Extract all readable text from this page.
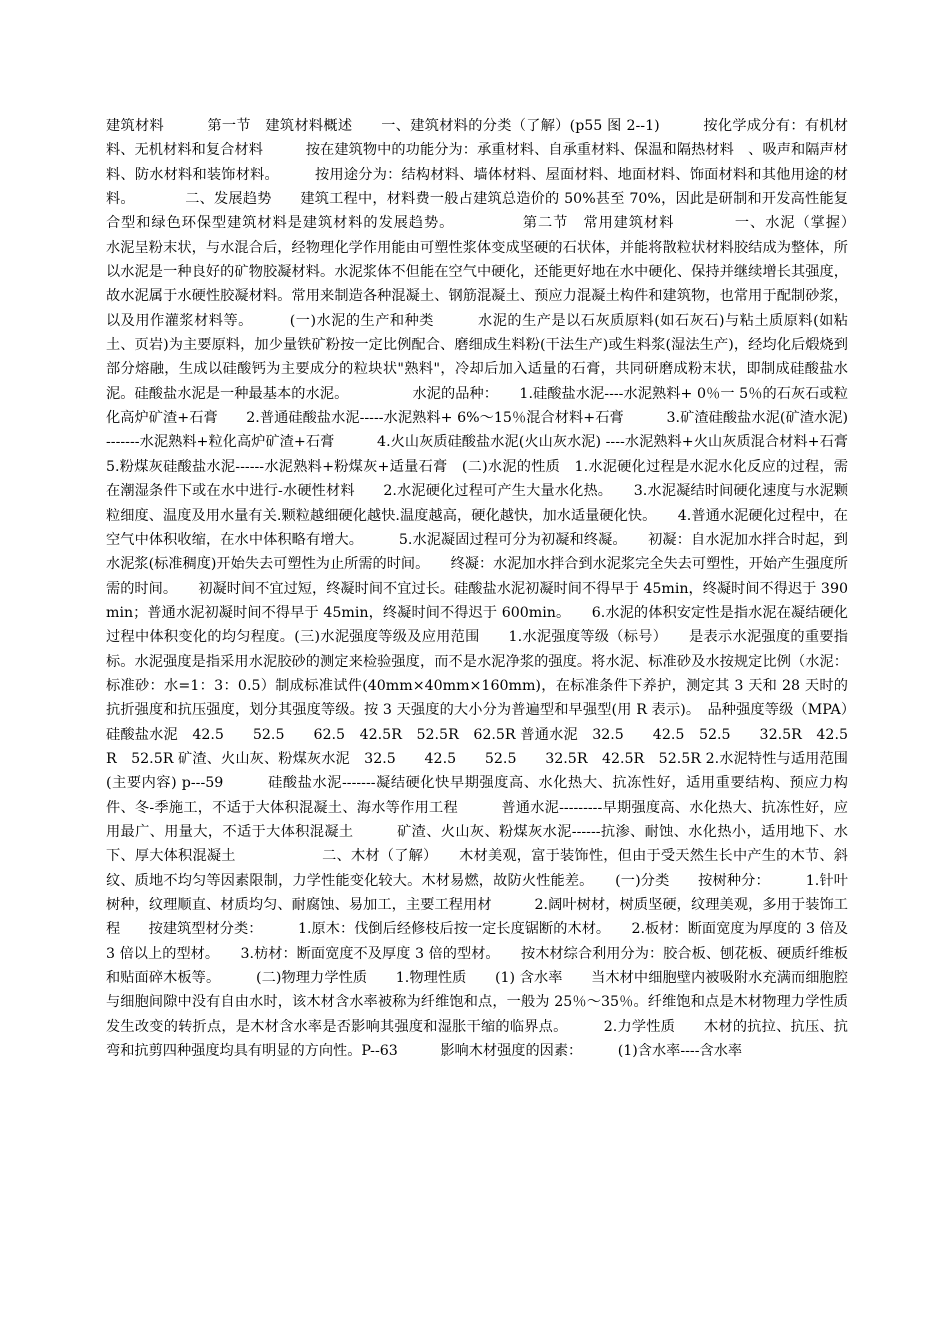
建筑材料　　　第一节　建筑材料概述　　一、建筑材料的分类（了解）(p55 图 2--1)　　　按化学成分有：有机材料、无机材料和复合材料　　　按在建筑物中的功能分为：承重材料、自承重材料、保温和隔热材料　、吸声和隔声材料、防水材料和装饰材料。　　　按用途分为：结构材料、墙体材料、屋面材料、地面材料、饰面材料和其他用途的材料。　　　　二、发展趋势　　建筑工程中，材料费一般占建筑总造价的 50%甚至 70%，因此是研制和开发高性能复合型和绿色环保型建筑材料是建筑材料的发展趋势。　　　　　第二节　常用建筑材料　　　　一、水泥（掌握）　　　水泥呈粉末状，与水混合后，经物理化学作用能由可塑性浆体变成坚硬的石状体，并能将散粒状材料胶结成为整体，所以水泥是一种良好的矿物胶凝材料。水泥浆体不但能在空气中硬化，还能更好地在水中硬化、保持并继续增长其强度，故水泥属于水硬性胶凝材料。常用来制造各种混凝土、钢筋混凝土、预应力混凝土构件和建筑物，也常用于配制砂浆，以及用作灌浆材料等。　　　(一)水泥的生产和种类　　　水泥的生产是以石灰质原料(如石灰石)与粘土质原料(如粘土、页岩)为主要原料，加少量铁矿粉按一定比例配合、磨细成生料粉(干法生产)或生料浆(湿法生产)，经均化后煅烧到部分熔融，生成以硅酸钙为主要成分的粒块状"熟料"，冷却后加入适量的石膏，共同研磨成粉末状，即制成硅酸盐水泥。硅酸盐水泥是一种最基本的水泥。　　　　　水泥的品种：　　1.硅酸盐水泥----水泥熟料+ 0％一 5％的石灰石或粒化高炉矿渣+石膏　　2.普通硅酸盐水泥-----水泥熟料+ 6%～15％混合材料+石膏　　　3.矿渣硅酸盐水泥(矿渣水泥) -------水泥熟料+粒化高炉矿渣+石膏　　　4.火山灰质硅酸盐水泥(火山灰水泥) ----水泥熟料+火山灰质混合材料+石膏　　　5.粉煤灰硅酸盐水泥------水泥熟料+粉煤灰+适量石膏　(二)水泥的性质　1.水泥硬化过程是水泥水化反应的过程，需在潮湿条件下或在水中进行-水硬性材料　　2.水泥硬化过程可产生大量水化热。　　3.水泥凝结时间硬化速度与水泥颗粒细度、温度及用水量有关.颗粒越细硬化越快.温度越高，硬化越快，加水适量硬化快。　　4.普通水泥硬化过程中，在空气中体积收缩，在水中体积略有增大。　　　5.水泥凝固过程可分为初凝和终凝。　　初凝：自水泥加水拌合时起，到水泥浆(标准稠度)开始失去可塑性为止所需的时间。　　终凝：水泥加水拌合到水泥浆完全失去可塑性，开始产生强度所需的时间。　　初凝时间不宜过短，终凝时间不宜过长。硅酸盐水泥初凝时间不得早于 45min，终凝时间不得迟于 390min；普通水泥初凝时间不得早于 45min，终凝时间不得迟于 600min。　　6.水泥的体积安定性是指水泥在凝结硬化过程中体积变化的均匀程度。(三)水泥强度等级及应用范围　　1.水泥强度等级（标号）　　是表示水泥强度的重要指标。水泥强度是指采用水泥胶砂的测定来检验强度，而不是水泥净浆的强度。将水泥、标准砂及水按规定比例（水泥：标准砂：水=1：3：0.5）制成标准试件(40mm×40mm×160mm)，在标准条件下养护，测定其 3 天和 28 天时的抗折强度和抗压强度，划分其强度等级。按 3 天强度的大小分为普遍型和早强型(用 R 表示)。　品种强度等级（MPA）　硅酸盐水泥　42.5　　52.5　　62.5　42.5R　52.5R　62.5R 普通水泥　32.5　　42.5　52.5　　32.5R　42.5R　52.5R 矿渣、火山灰、粉煤灰水泥　32.5　　42.5　　52.5　　32.5R　42.5R　52.5R 2.水泥特性与适用范围(主要内容) p---59　　　硅酸盐水泥-------凝结硬化快早期强度高、水化热大、抗冻性好，适用重要结构、预应力构件、冬-季施工，不适于大体积混凝土、海水等作用工程　　　普通水泥---------早期强度高、水化热大、抗冻性好，应用最广、用量大，不适于大体积混凝土　　　矿渣、火山灰、粉煤灰水泥------抗渗、耐蚀、水化热小，适用地下、水下、厚大体积混凝土　　　　　　二、木材（了解）　　木材美观，富于装饰性，但由于受天然生长中产生的木节、斜纹、质地不均匀等因素限制，力学性能变化较大。木材易燃，故防火性能差。　　(一)分类　　按树种分：　　　1.针叶树种，纹理顺直、材质均匀、耐腐蚀、易加工，主要工程用材　　　2.阔叶树材，树质坚硬，纹理美观，多用于装饰工程　　按建筑型材分类：　　　1.原木：伐倒后经修枝后按一定长度锯断的木材。　　2.板材：断面宽度为厚度的 3 倍及 3 倍以上的型材。　　3.枋材：断面宽度不及厚度 3 倍的型材。　　按木材综合利用分为：胶合板、刨花板、硬质纤维板和贴面碎木板等。　　　(二)物理力学性质　　1.物理性质　　(1) 含水率　　当木材中细胞壁内被吸附水充满而细胞腔与细胞间隙中没有自由水时，该木材含水率被称为纤维饱和点，一般为 25％～35％。纤维饱和点是木材物理力学性质发生改变的转折点，是木材含水率是否影响其强度和湿胀干缩的临界点。　　　2.力学性质　　木材的抗拉、抗压、抗弯和抗剪四种强度均具有明显的方向性。P--63　　　影响木材强度的因素：　　　(1)含水率----含水率
